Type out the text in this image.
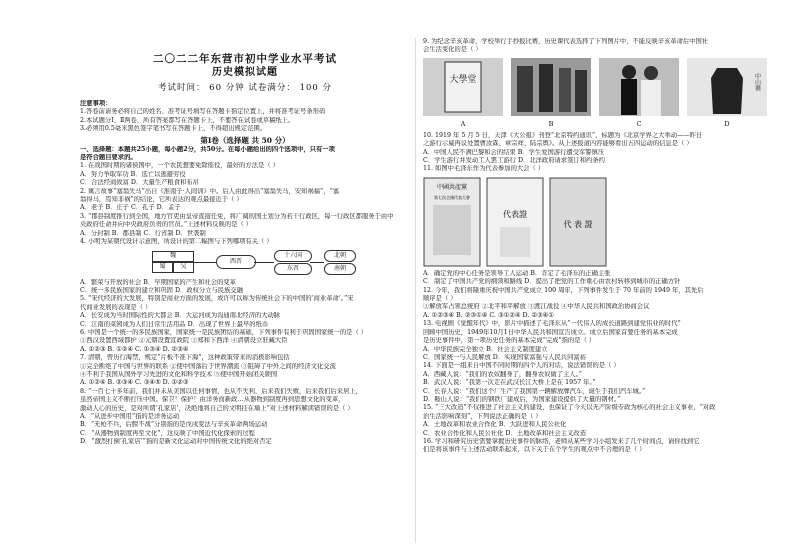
二〇二二年东营市初中学业水平考试
历史模拟试题
考试时间： 60 分钟 试卷满分： 100 分
注意事项：
1.答卷前请务必将自己的姓名、准考证号填写在答题卡指定位置上，并将准考证号条形码
2.本试题分Ⅰ、Ⅱ两卷，所有答案都写在答题卡上，不要答在试卷或草稿纸上。
3.必须用0.5毫米黑色签字笔书写在答题卡上，不得超出规定范围。
第Ⅰ卷（选择题 共 50 分）
一、选择题：本题共25小题，每小题2分，共50分。在每小题给出的四个选项中，只有一项
是符合题目要求的。
1. 在战国时期的诸侯国中，一个农民想要免除徭役，最好的方法是（ ）
A．努力争取军功 B．选亡以逃避劳役
C．合法经商致富 D．大量生产粮食和布帛
2. 寓言故事“塞翁失马”出自《淮南子·人间训》中。后人由此得出“塞翁失马，安知祸福”，“塞
翁得马，焉知非祸”的结论，它所表达的观点最接近于（ ）
A．老子 B．庄子 C．孔子 D．孟子
3. “郡县制度推行到全国，地方官吏由皇帝直接任免，将广阔的国土划分为若干行政区，每一行政区都服务于由中
央政府任命并向中央政府负责的官员。”上述材料反映的是（ ）
A．分封制 B．郡县制 C．行省制 D．世袭制
4. 小明为某朝代设计示意图，所设计的第二幅图与下列哪项有关（ ）
魏
蜀	吴
西晋
十六国
东晋
北朝
南朝
A．繁荣与开放的社会 B．早期国家的产生和社会的变革
C．统一多民族国家的建立和巩固 D．政权分立与民族交融
5. “宋代经济的大发展，特别是商业方面的发展，或许可以称为传统社会下的中国的‘商业革命’。”宋
代商业发展的表现是（ ）
A．长安成为当时国际性的大都会 B．大运河成为沟通南北经济的大动脉
C．江南的菜园成为人们日常生活用品 D．出现了世界上最早的纸币
6. 中国是一个统一的多民族国家，国家统一是民族团结的基础，下列事件有利于巩固国家统一的是（ ）
①西汉设置西域都护 ②元朝设置宣政院 ③郑和下西洋 ④清朝设立驻藏大臣
A. ①②③ B. ①②④ C. ①③④ D. ②③④
7. 清朝，曾历行海禁，规定“片板不准下海”，这种政策带来的消极影响包括
①完全断绝了中国与世界的联系 ②使中国落后于世界潮流 ③阻碍了中外之间的经济文化交流
④不利于我国从国外学习先进的文化和科学技术 ⑤使中国开始闭关锁国
A. ①②④ B. ②③④ C. ③④⑤ D. ①②③
8. “一百七十多年前，我们并未从美国以任何事情，也从不失利，后来我们失败，后来我们后来居上，
虽然帝国主义不断打压中国。保卫！保护！由洋务而新政…从器物到制度再到思想文化的变革，
激动人心的历史，是对所谓‘孔家店’，决绝地将自己的文明挂在墙上”对上述材料解读错误的是（ ）
A．“从进步中国用”指的是洋务运动
B．“无枪不兵，后膛不战”分别指的是戊戌变法与辛亥革命两场运动
C．“从器物到制度再至文化”，这反映了中国近代化探索的过程
D．“激烈打倒‘孔家店’”指的是新文化运动对中国传统文化的绝对否定
9. 为纪念辛亥革命，学校举行手抄报比赛，历史课代表选择了下列图片中，不能反映辛亥革命后中国社
会生活变化的是（ ）
大學堂
A	B	C
中山裝
D
10. 1919 年 5 月 5 日，天津《大公报》刊登“北京特约通讯”，标题为《北京学界之大举动——昨日
之游行示威再议处置曹汝霖、章宗祥、陆宗舆》。从上述报道内容能够看出五四运动的信息是（ ）
A．中国人民不满巴黎和会的结果 B．学生爱国游行遭受军警镇压
C．学生游行并发动工人罢工游行 D．北洋政府请求签订和约条约
11. 如图中毛泽东作为代表参加的大会（ ）
中國共產黨
第七次全國代表大會
代表證
代 表 證
A．确定党的中心任务是领导工人运动 B．肯定了毛泽东的正确主张
C．制定了中国共产党的纲领和路线 D．提出了把党的工作重心由农村转移到城市的正确方针
12. 今年，我们将隆重庆祝中国共产党成立 100 周年，下列事件发生于 70 年前的 1949 年，其先后
顺序是（ ）
①解放军占领总统府 ②北平和平解放 ③渡江战役 ④中华人民共和国政治协商会议
A. ①②③④ B. ②③①④ C. ③①②④ D. ②③④①
13. 电视剧《觉醒年代》中，影片中描述了毛泽东从“一代伟人的成长道路到建党伟业的时代”
回顾中国历史，1949年10月1日中华人民共和国宣告成立。成立后国家首要任务的基本完成
是历史事件中，第一项历史任务的基本完成“完成”指的是（ ）
A．中华民族完全独立 B．社会主义制度建立
C．国家统一与人民解放 D．实现国家富强与人民共同富裕
14. 下面是一组来自中国不同时期的四个人的对话，说法错误的是（ ）
A．西藏人说：“我们的农奴翻身了，翻身农奴做了主人。”
B．武汉人说：“我第一次走在武汉长江大桥上是在 1957 年。”
C．长春人说：“我们这个厂生产了我国第一辆解放牌汽车，诞生于我们汽车城。”
D．鞍山人说：“我们的钢铁厂建成后，为国家建设提供了大量的钢材。”
15. “三大改造”不仅推进了社会主义的建设，也保证了今天以无产阶级专政为核心的社会主义事业，“对政
治生活影响深刻”，下列说法正确的是（ ）
A．土地改革和农业合作化 B．大跃进和人民公社化
C．农业合作化和人民公社化 D．土地改革和社会主义改造
16. 学习和研究历史需要掌握历史事件的脉络，老师从某些学习小组发来了几个时间点，请你找到它
们是将该事件与上述活动联系起来，以下关于在个学生的观点中不合理的是（ ）
